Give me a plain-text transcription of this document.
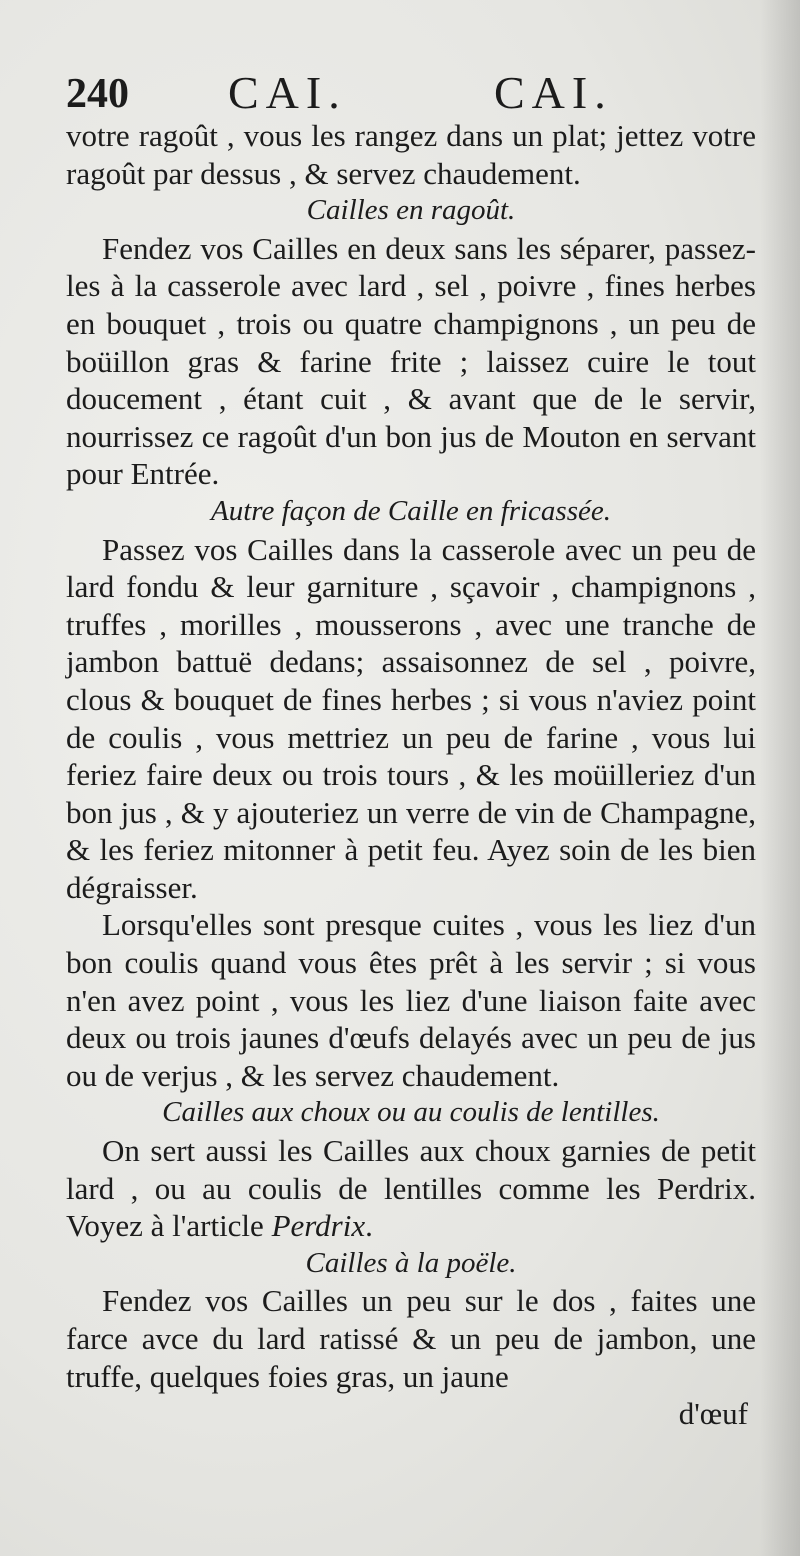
240 CAI.	CAI.

votre ragoût , vous les rangez dans un plat; jettez votre ragoût par dessus , & servez chaudement.

Cailles en ragoût.

Fendez vos Cailles en deux sans les séparer, passez-les à la casserole avec lard , sel , poivre , fines herbes en bouquet , trois ou quatre champignons , un peu de boüillon gras & farine frite ; laissez cuire le tout doucement , étant cuit , & avant que de le servir, nourrissez ce ragoût d'un bon jus de Mouton en servant pour Entrée.

Autre façon de Caille en fricassée.

Passez vos Cailles dans la casserole avec un peu de lard fondu & leur garniture , sçavoir , champignons , truffes , morilles , mousserons , avec une tranche de jambon battuë dedans; assaisonnez de sel , poivre, clous & bouquet de fines herbes ; si vous n'aviez point de coulis , vous mettriez un peu de farine , vous lui feriez faire deux ou trois tours , & les moüilleriez d'un bon jus , & y ajouteriez un verre de vin de Champagne, & les feriez mitonner à petit feu. Ayez soin de les bien dégraisser.

Lorsqu'elles sont presque cuites , vous les liez d'un bon coulis quand vous êtes prêt à les servir ; si vous n'en avez point , vous les liez d'une liaison faite avec deux ou trois jaunes d'œufs delayés avec un peu de jus ou de verjus , & les servez chaudement.

Cailles aux choux ou au coulis de lentilles.

On sert aussi les Cailles aux choux garnies de petit lard , ou au coulis de lentilles comme les Perdrix. Voyez à l'article Perdrix.

Cailles à la poële.

Fendez vos Cailles un peu sur le dos , faites une farce avce du lard ratissé & un peu de jambon, une truffe, quelques foies gras, un jaune

d'œuf
